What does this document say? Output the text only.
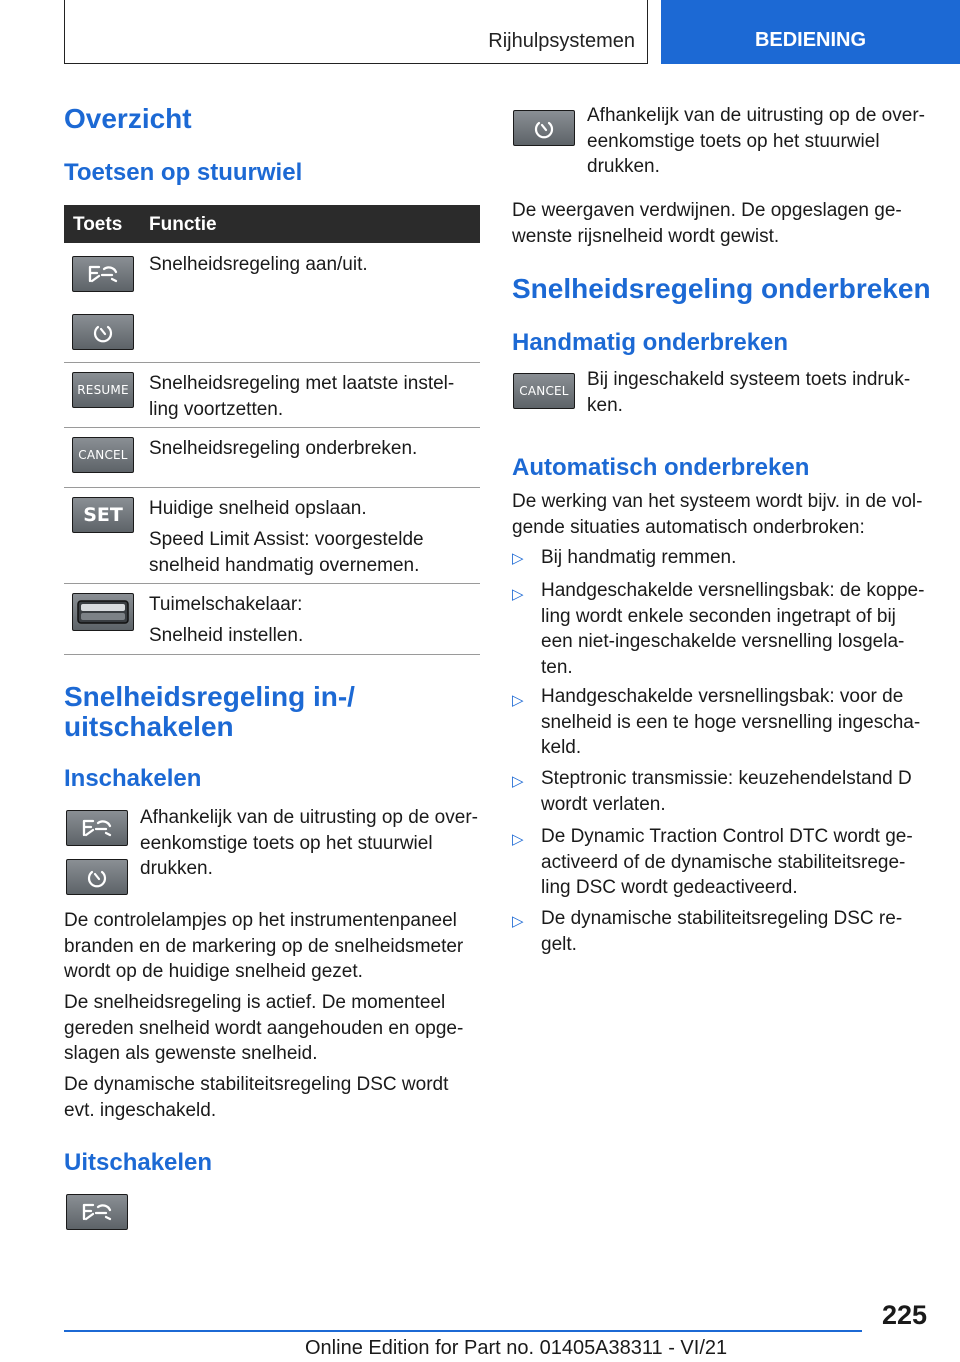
Rijhulpsystemen	BEDIENING
Overzicht
Toetsen op stuurwiel
Toets Functie

Snelheidsregeling aan/uit.

RESUME Snelheidsregeling met laatste instel-ling voortzetten.

CANCEL Snelheidsregeling onderbreken.

SET Huidige snelheid opslaan.

Speed Limit Assist: voorgestelde snelheid handmatig overnemen.

Tuimelschakelaar:

Snelheid instellen.

Snelheidsregeling in-/ uitschakelen
Inschakelen

Afhankelijk van de uitrusting op de over-eenkomstige toets op het stuurwiel drukken.

De controlelampjes op het instrumentenpaneel branden en de markering op de snelheidsmeter wordt op de huidige snelheid gezet.

De snelheidsregeling is actief. De momenteel gereden snelheid wordt aangehouden en opge-slagen als gewenste snelheid.

De dynamische stabiliteitsregeling DSC wordt evt. ingeschakeld.

Uitschakelen

Afhankelijk van de uitrusting op de over-eenkomstige toets op het stuurwiel drukken.

De weergaven verdwijnen. De opgeslagen ge-wenste rijsnelheid wordt gewist.

Snelheidsregeling onderbreken
Handmatig onderbreken
CANCEL

Bij ingeschakeld systeem toets indruk-ken.

Automatisch onderbreken

De werking van het systeem wordt bijv. in de vol-gende situaties automatisch onderbroken:

▷ Bij handmatig remmen.

▷ Handgeschakelde versnellingsbak: de koppe-ling wordt enkele seconden ingetrapt of bij een niet-ingeschakelde versnelling losgela-ten.

▷ Handgeschakelde versnellingsbak: voor de snelheid is een te hoge versnelling ingescha-keld.

▷ Steptronic transmissie: keuzehendelstand D wordt verlaten.

▷ De Dynamic Traction Control DTC wordt ge-activeerd of de dynamische stabiliteitsrege-ling DSC wordt gedeactiveerd.

▷ De dynamische stabiliteitsregeling DSC re-gelt.

225
Online Edition for Part no. 01405A38311 - VI/21
